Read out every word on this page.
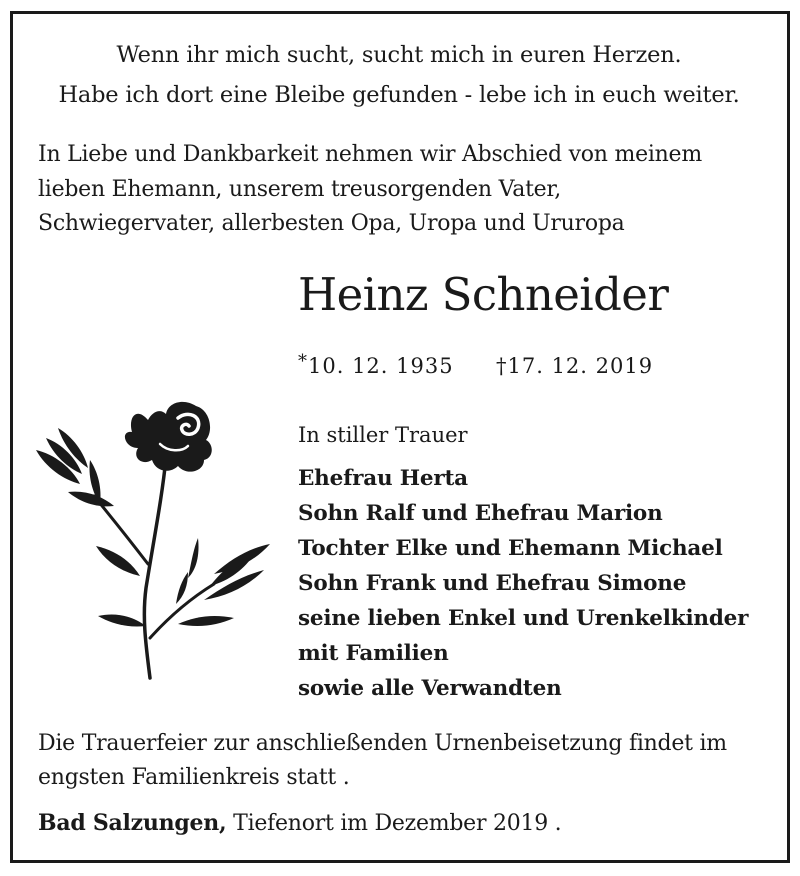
Wenn ihr mich sucht, sucht mich in euren Herzen.
Habe ich dort eine Bleibe gefunden - lebe ich in euch weiter.
In Liebe und Dankbarkeit nehmen wir Abschied von meinem
lieben Ehemann, unserem treusorgenden Vater,
Schwiegervater, allerbesten Opa, Uropa und Ururopa
Heinz Schneider
*10. 12. 1935 †17. 12. 2019
In stiller Trauer
Ehefrau Herta
Sohn Ralf und Ehefrau Marion
Tochter Elke und Ehemann Michael
Sohn Frank und Ehefrau Simone
seine lieben Enkel und Urenkelkinder
mit Familien
sowie alle Verwandten
Die Trauerfeier zur anschließenden Urnenbeisetzung findet im
engsten Familienkreis statt .
Bad Salzungen, Tiefenort im Dezember 2019 .
